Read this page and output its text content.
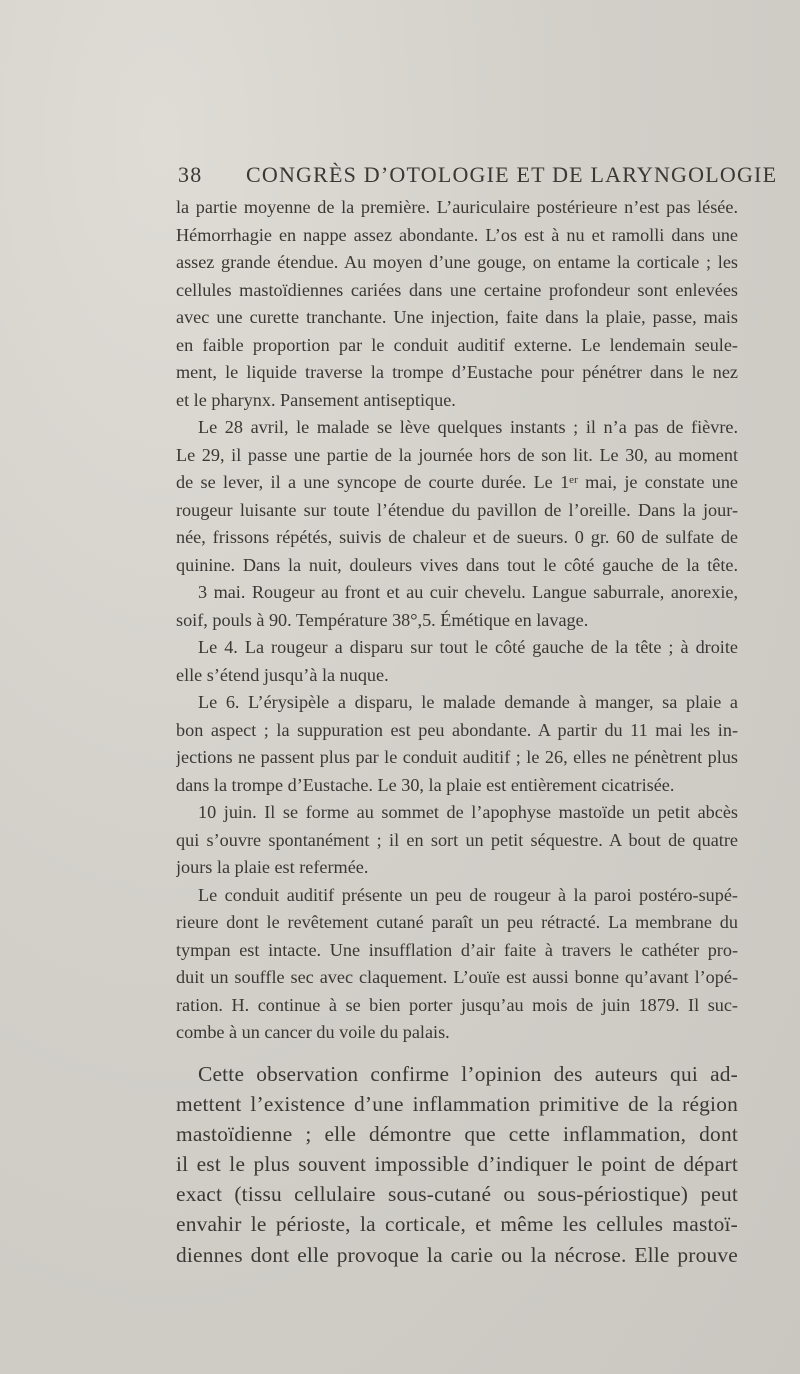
38 CONGRÈS D’OTOLOGIE ET DE LARYNGOLOGIE
la partie moyenne de la première. L’auriculaire postérieure n’est pas lésée.
Hémorrhagie en nappe assez abondante. L’os est à nu et ramolli dans une
assez grande étendue. Au moyen d’une gouge, on entame la corticale ; les
cellules mastoïdiennes cariées dans une certaine profondeur sont enlevées
avec une curette tranchante. Une injection, faite dans la plaie, passe, mais
en faible proportion par le conduit auditif externe. Le lendemain seule-
ment, le liquide traverse la trompe d’Eustache pour pénétrer dans le nez
et le pharynx. Pansement antiseptique.
Le 28 avril, le malade se lève quelques instants ; il n’a pas de fièvre.
Le 29, il passe une partie de la journée hors de son lit. Le 30, au moment
de se lever, il a une syncope de courte durée. Le 1ᵉʳ mai, je constate une
rougeur luisante sur toute l’étendue du pavillon de l’oreille. Dans la jour-
née, frissons répétés, suivis de chaleur et de sueurs. 0 gr. 60 de sulfate de
quinine. Dans la nuit, douleurs vives dans tout le côté gauche de la tête.
3 mai. Rougeur au front et au cuir chevelu. Langue saburrale, anorexie,
soif, pouls à 90. Température 38°,5. Émétique en lavage.
Le 4. La rougeur a disparu sur tout le côté gauche de la tête ; à droite
elle s’étend jusqu’à la nuque.
Le 6. L’érysipèle a disparu, le malade demande à manger, sa plaie a
bon aspect ; la suppuration est peu abondante. A partir du 11 mai les in-
jections ne passent plus par le conduit auditif ; le 26, elles ne pénètrent plus
dans la trompe d’Eustache. Le 30, la plaie est entièrement cicatrisée.
10 juin. Il se forme au sommet de l’apophyse mastoïde un petit abcès
qui s’ouvre spontanément ; il en sort un petit séquestre. A bout de quatre
jours la plaie est refermée.
Le conduit auditif présente un peu de rougeur à la paroi postéro-supé-
rieure dont le revêtement cutané paraît un peu rétracté. La membrane du
tympan est intacte. Une insufflation d’air faite à travers le cathéter pro-
duit un souffle sec avec claquement. L’ouïe est aussi bonne qu’avant l’opé-
ration. H. continue à se bien porter jusqu’au mois de juin 1879. Il suc-
combe à un cancer du voile du palais.
Cette observation confirme l’opinion des auteurs qui ad-
mettent l’existence d’une inflammation primitive de la région
mastoïdienne ; elle démontre que cette inflammation, dont
il est le plus souvent impossible d’indiquer le point de départ
exact (tissu cellulaire sous-cutané ou sous-périostique) peut
envahir le périoste, la corticale, et même les cellules mastoï-
diennes dont elle provoque la carie ou la nécrose. Elle prouve
